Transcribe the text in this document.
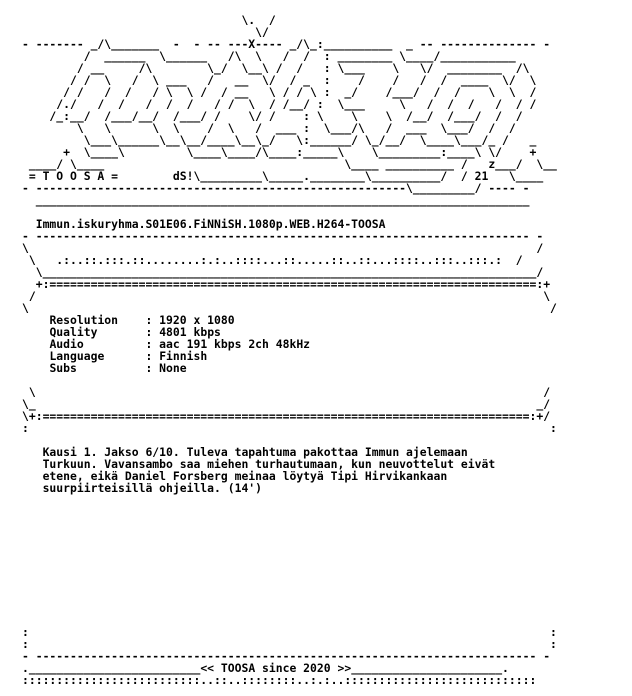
\.  /
\/
- ------- _/\_______  -  - -- ---X---- _/\_:__________  _ -- -------------- -
/  ______  \______   /\  \   /  /  : ________ \____/___________
/ __     /\        \_/  \__\ /  /   : \___    \   \/  ________  /\
/ /  \   /  \ ___   /   __  \/  / _  :    /    /   /  /  ____  \/  \
/ /   /  /   / \  \ /  / __   \ / / \ :  _/    /___/  /  /    \  \  /
/./   /  /   /  /  /   / /  \  / /__/ :  \___     \   /  /  /   /  / /
/_:__/  /___/__/  /___/ /    \/ /    : \    \    \  /__/  /___/  /  /
\   \      \  \    /  \   /  ___ :  \___/\   /  ___  \___/  /  /
\___\______\__\__/____\__\_/   \:______/ \_/__/  \____\___/_ /   _
+  \____\         \____\____/\____:_____\    \_________:____\ \/    +
____/ \____                                   \____ __________ /   z___/  \__
= T O O S A =        dS!\_________\_____.________\__________/  / 21   \____
- ------------------------------------------------------\_________/ ---- -
________________________________________________________________________

Immun.iskuryhma.S01E06.FiNNiSH.1080p.WEB.H264-TOOSA
- ------------------------------------------------------------------------ -
\                                                                          /
\   .:..::.:::.::........:.:..::::...::.....::..::...::::..:::..:::.:  /
\________________________________________________________________________/
+:=======================================================================:+
/                                                                          \
\                                                                            /
Resolution    : 1920 x 1080
Quality       : 4801 kbps
Audio         : aac 191 kbps 2ch 48kHz
Language      : Finnish
Subs          : None

\                                                                          /
\_                                                                         _/
\+:=======================================================================:+/
:                                                                            :

Kausi 1. Jakso 6/10. Tuleva tapahtuma pakottaa Immun ajelemaan
Turkuun. Vavansambo saa miehen turhautumaan, kun neuvottelut eivät
etene, eikä Daniel Forsberg meinaa löytyä Tipi Hirvikankaan
suurpiirteisillä ohjeilla. (14')

:                                                                            :
:                                                                            :
- ------------------------------------------------------------------------- -
._________________________<< TOOSA since 2020 >>______________________.
::::::::::::::::::::::::::..::..::::::::..:.:..::::::::::::::::::::::::::::
